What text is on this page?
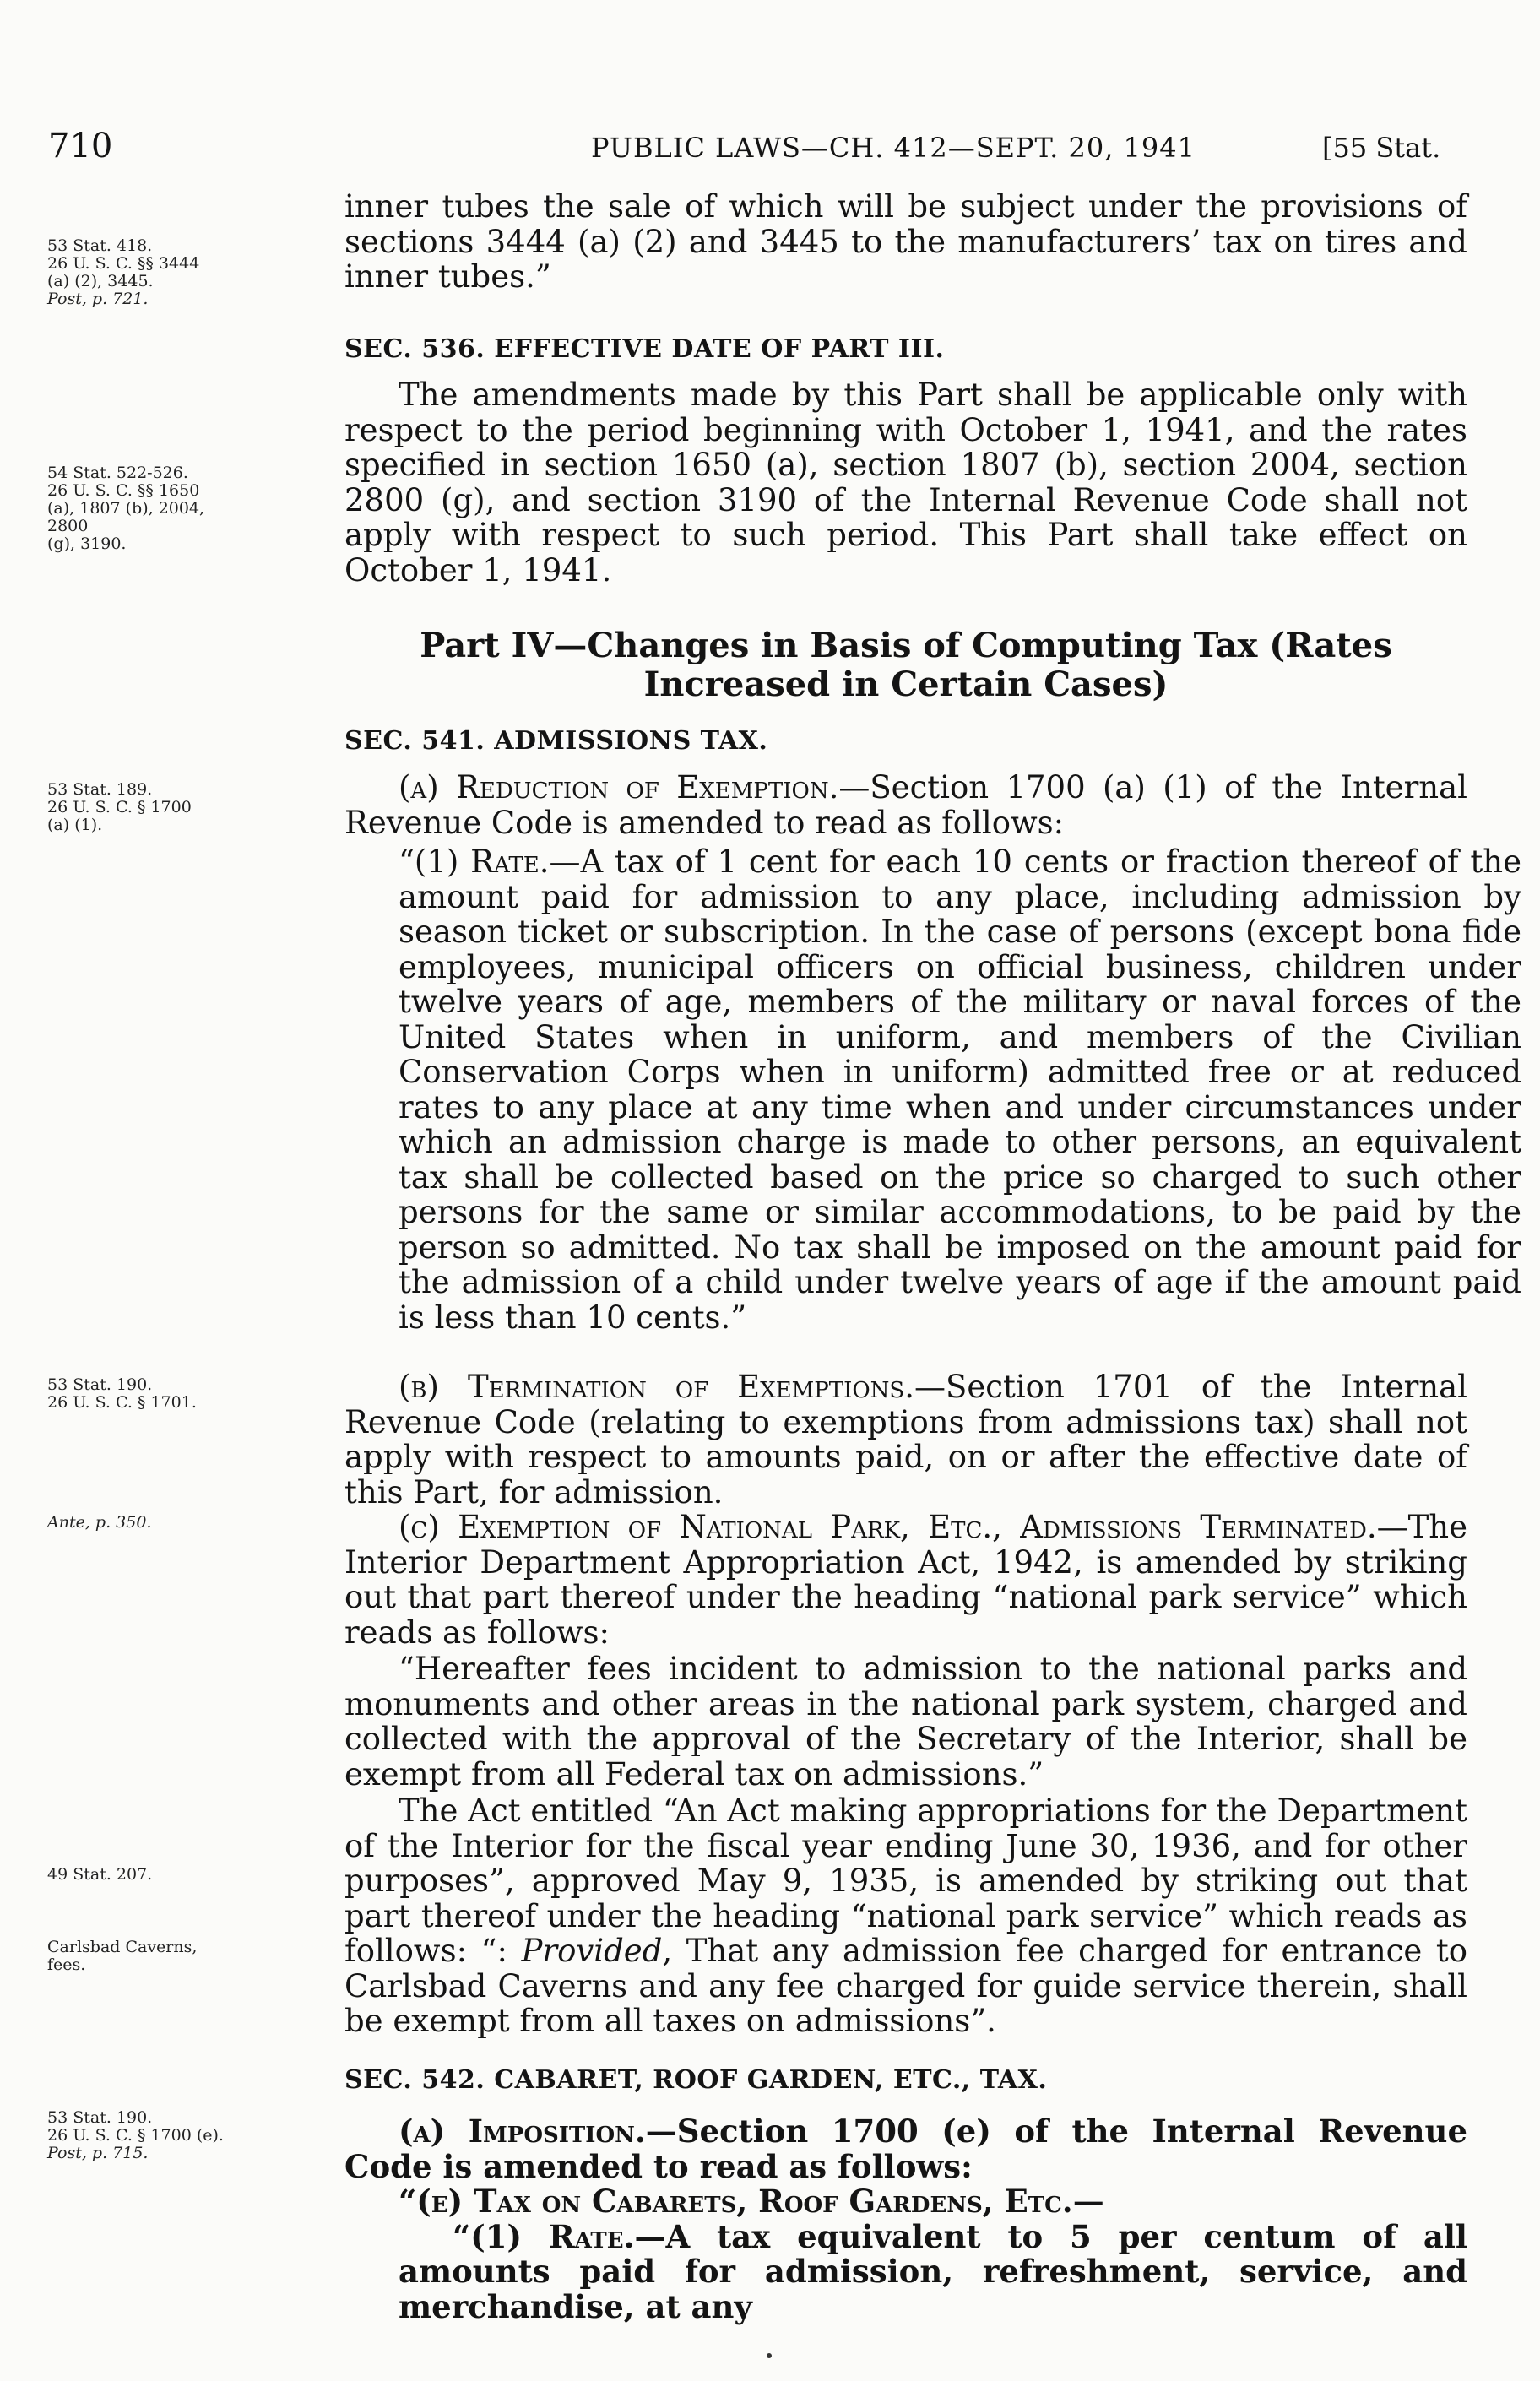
710	PUBLIC LAWS—CH. 412—SEPT. 20, 1941	[55 Stat.
53 Stat. 418.
26 U. S. C. §§ 3444
(a) (2), 3445.
Post, p. 721.
54 Stat. 522-526.
26 U. S. C. §§ 1650
(a), 1807 (b), 2004, 2800
(g), 3190.
53 Stat. 189.
26 U. S. C. § 1700
(a) (1).
53 Stat. 190.
26 U. S. C. § 1701.
Ante, p. 350.
49 Stat. 207.
Carlsbad Caverns,
fees.
53 Stat. 190.
26 U. S. C. § 1700 (e).
Post, p. 715.

inner tubes the sale of which will be subject under the provisions of sections 3444 (a) (2) and 3445 to the manufacturers’ tax on tires and inner tubes.”

SEC. 536. EFFECTIVE DATE OF PART III.

The amendments made by this Part shall be applicable only with respect to the period beginning with October 1, 1941, and the rates specified in section 1650 (a), section 1807 (b), section 2004, section 2800 (g), and section 3190 of the Internal Revenue Code shall not apply with respect to such period. This Part shall take effect on October 1, 1941.

Part IV—Changes in Basis of Computing Tax (Rates Increased in Certain Cases)

SEC. 541. ADMISSIONS TAX.

(a) Reduction of Exemption.—Section 1700 (a) (1) of the Internal Revenue Code is amended to read as follows:

“(1) Rate.—A tax of 1 cent for each 10 cents or fraction thereof of the amount paid for admission to any place, including admission by season ticket or subscription. In the case of persons (except bona fide employees, municipal officers on official business, children under twelve years of age, members of the military or naval forces of the United States when in uniform, and members of the Civilian Conservation Corps when in uniform) admitted free or at reduced rates to any place at any time when and under circumstances under which an admission charge is made to other persons, an equivalent tax shall be collected based on the price so charged to such other persons for the same or similar accommodations, to be paid by the person so admitted. No tax shall be imposed on the amount paid for the admission of a child under twelve years of age if the amount paid is less than 10 cents.”

(b) Termination of Exemptions.—Section 1701 of the Internal Revenue Code (relating to exemptions from admissions tax) shall not apply with respect to amounts paid, on or after the effective date of this Part, for admission.

(c) Exemption of National Park, Etc., Admissions Terminated.—The Interior Department Appropriation Act, 1942, is amended by striking out that part thereof under the heading “national park service” which reads as follows:

“Hereafter fees incident to admission to the national parks and monuments and other areas in the national park system, charged and collected with the approval of the Secretary of the Interior, shall be exempt from all Federal tax on admissions.”

The Act entitled “An Act making appropriations for the Department of the Interior for the fiscal year ending June 30, 1936, and for other purposes”, approved May 9, 1935, is amended by striking out that part thereof under the heading “national park service” which reads as follows: “: Provided, That any admission fee charged for entrance to Carlsbad Caverns and any fee charged for guide service therein, shall be exempt from all taxes on admissions”.

SEC. 542. CABARET, ROOF GARDEN, ETC., TAX.

(a) Imposition.—Section 1700 (e) of the Internal Revenue Code is amended to read as follows:

“(e) Tax on Cabarets, Roof Gardens, Etc.—

“(1) Rate.—A tax equivalent to 5 per centum of all amounts paid for admission, refreshment, service, and merchandise, at any
